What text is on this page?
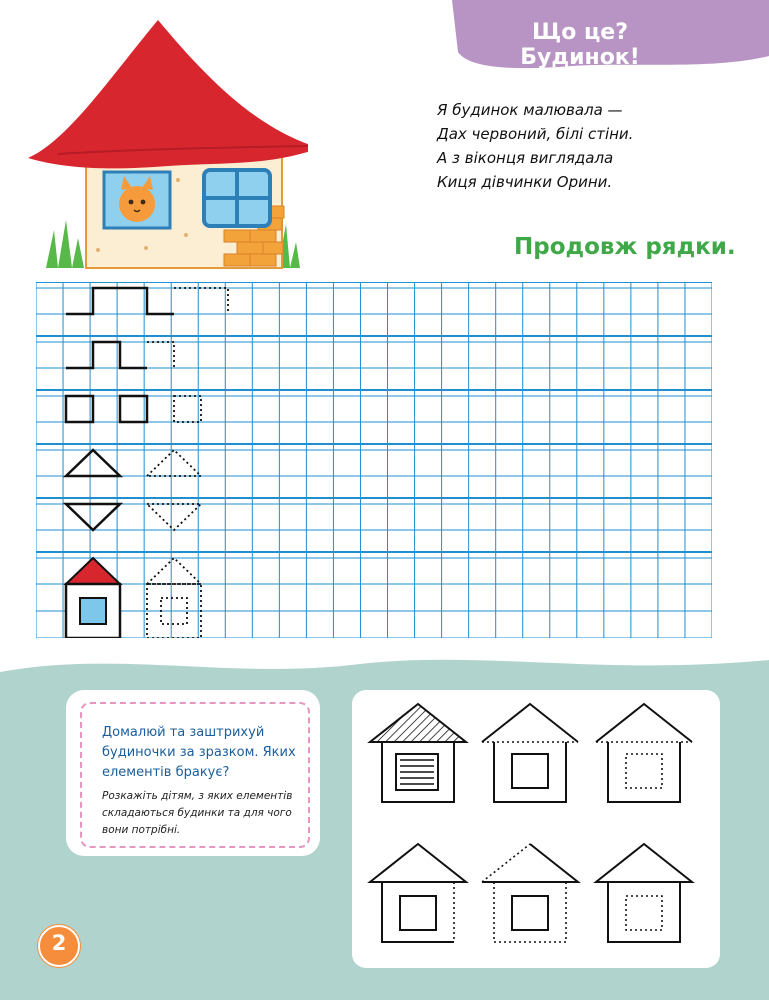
Що це? Будинок!
Я будинок малювала —
Дах червоний, білі стіни.
А з віконця виглядала
Киця дівчинки Орини.
Продовж рядки.
Домалюй та заштрихуй будиночки за зразком. Яких елементів бракує?
Розкажіть дітям, з яких елементів складаються будинки та для чого вони потрібні.
2
